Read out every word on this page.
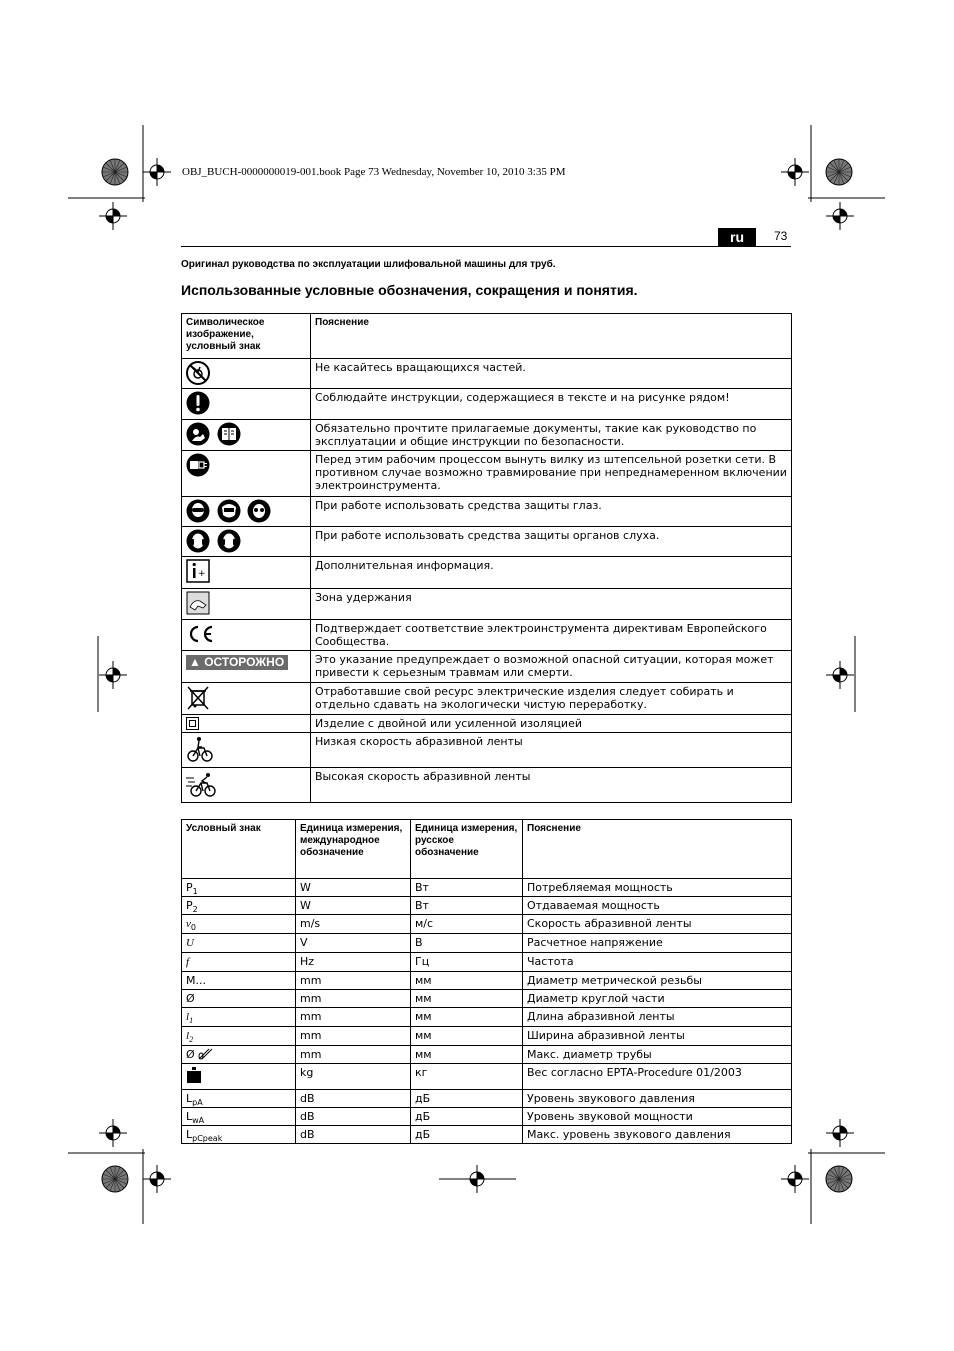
OBJ_BUCH-0000000019-001.book Page 73 Wednesday, November 10, 2010 3:35 PM
ru	73
Оригинал руководства по эксплуатации шлифовальной машины для труб.
Использованные условные обозначения, сокращения и понятия.
Символическое изображение, условный знак	Пояснение
	Не касайтесь вращающихся частей.
	Соблюдайте инструкции, содержащиеся в тексте и на рисунке рядом!
	Обязательно прочтите прилагаемые документы, такие как руководство по эксплуатации и общие инструкции по безопасности.
	Перед этим рабочим процессом вынуть вилку из штепсельной розетки сети. В противном случае возможно травмирование при непреднамеренном включении электроинструмента.
	При работе использовать средства защиты глаз.
	При работе использовать средства защиты органов слуха.

+	Дополнительная информация.
	Зона удержания
	Подтверждает соответствие электроинструмента директивам Европейского Сообщества.
▲ ОСТОРОЖНО	Это указание предупреждает о возможной опасной ситуации, которая может привести к серьезным травмам или смерти.
	Отработавшие свой ресурс электрические изделия следует собирать и отдельно сдавать на экологически чистую переработку.
	Изделие с двойной или усиленной изоляцией
	Низкая скорость абразивной ленты
	Высокая скорость абразивной ленты
Условный знак	Единица измерения, международное обозначение	Единица измерения, русское обозначение	Пояснение
$P_1$	W	Вт	Потребляемая мощность
$P_2$	W	Вт	Отдаваемая мощность
$v_0$	m/s	м/с	Скорость абразивной ленты
U	V	В	Расчетное напряжение
f	Hz	Гц	Частота
M...	mm	мм	Диаметр метрической резьбы
Ø	mm	мм	Диаметр круглой части
$l_1$	mm	мм	Длина абразивной ленты
$l_2$	mm	мм	Ширина абразивной ленты
Ø	mm	мм	Макс. диаметр трубы
	kg	кг	Вес согласно EPTA-Procedure 01/2003
$L_{pA}$	dB	дБ	Уровень звукового давления
$L_{wA}$	dB	дБ	Уровень звуковой мощности
$L_{pCpeak}$	dB	дБ	Макс. уровень звукового давления
